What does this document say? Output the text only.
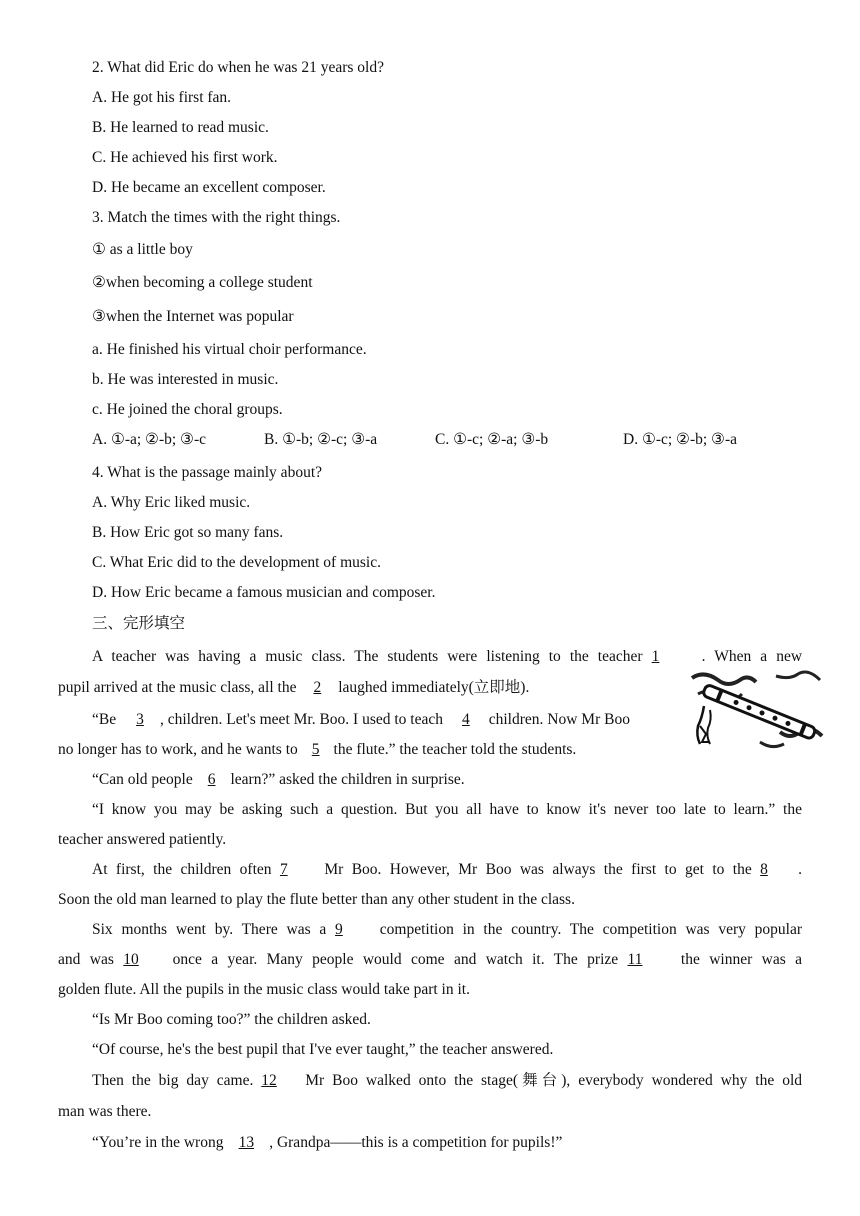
2. What did Eric do when he was 21 years old?
A. He got his first fan.
B. He learned to read music.
C. He achieved his first work.
D. He became an excellent composer.
3. Match the times with the right things.
① as a little boy
②when becoming a college student
③when the Internet was popular
a. He finished his virtual choir performance.
b. He was interested in music.
c. He joined the choral groups.
A. ①-a; ②-b; ③-c	B. ①-b; ②-c; ③-a	C. ①-c; ②-a; ③-b	D. ①-c; ②-b; ③-a
4. What is the passage mainly about?
A. Why Eric liked music.
B. How Eric got so many fans.
C. What Eric did to the development of music.
D. How Eric became a famous musician and composer.
三、完形填空
A teacher was having a music class. The students were listening to the teacher 1	. When a new
pupil arrived at the music class, all the 2 laughed immediately(立即地).
“Be 3 , children. Let's meet Mr. Boo. I used to teach 4 children. Now Mr Boo
no longer has to work, and he wants to 5 the flute.” the teacher told the students.
“Can old people 6 learn?” asked the children in surprise.
“I know you may be asking such a question. But you all have to know it's never too late to learn.” the
teacher answered patiently.
At first, the children often 7 Mr Boo. However, Mr Boo was always the first to get to the 8 .
Soon the old man learned to play the flute better than any other student in the class.
Six months went by. There was a 9 competition in the country. The competition was very popular
and was 10 once a year. Many people would come and watch it. The prize 11 the winner was a
golden flute. All the pupils in the music class would take part in it.
“Is Mr Boo coming too?” the children asked.
“Of course, he's the best pupil that I've ever taught,” the teacher answered.
Then the big day came. 12 Mr Boo walked onto the stage(舞台), everybody wondered why the old
man was there.
“You’re in the wrong 13 , Grandpa——this is a competition for pupils!”
